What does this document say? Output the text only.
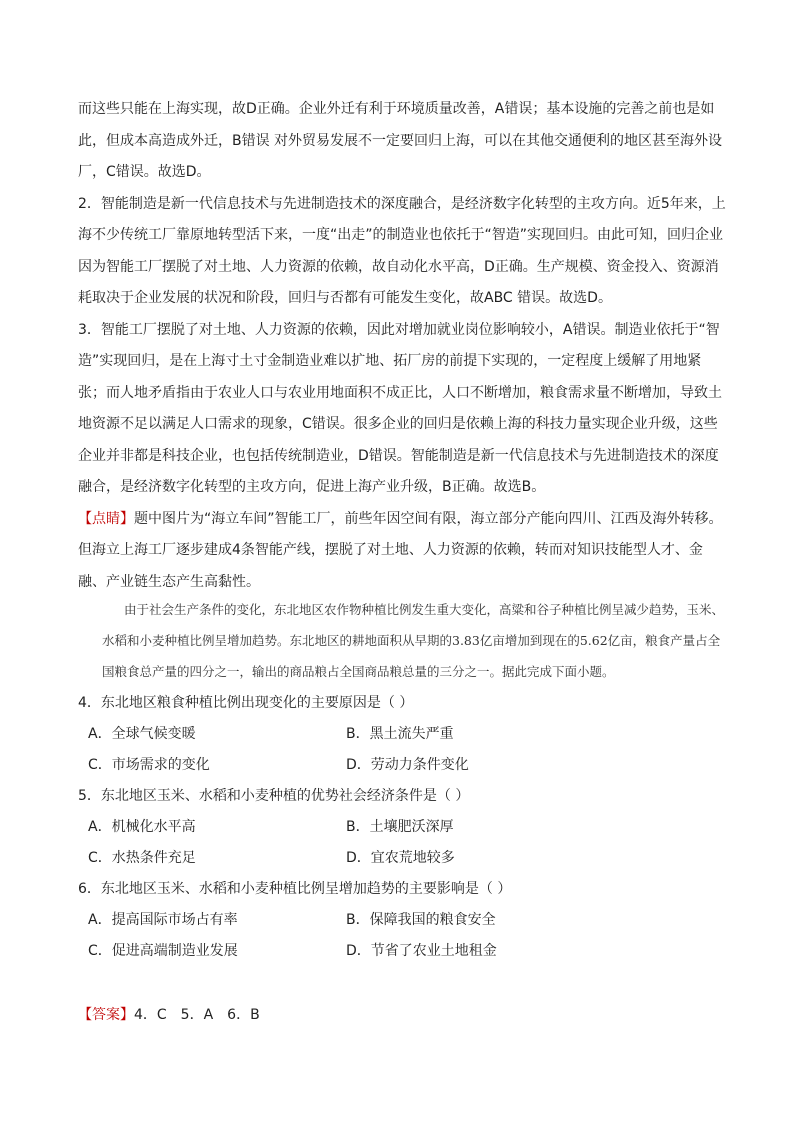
而这些只能在上海实现，故D正确。企业外迁有利于环境质量改善，A错误；基本设施的完善之前也是如此，但成本高造成外迁，B错误 对外贸易发展不一定要回归上海，可以在其他交通便利的地区甚至海外设厂，C错误。故选D。

2．智能制造是新一代信息技术与先进制造技术的深度融合，是经济数字化转型的主攻方向。近5年来，上海不少传统工厂靠原地转型活下来，一度“出走”的制造业也依托于“智造”实现回归。由此可知，回归企业因为智能工厂摆脱了对土地、人力资源的依赖，故自动化水平高，D正确。生产规模、资金投入、资源消耗取决于企业发展的状况和阶段，回归与否都有可能发生变化，故ABC 错误。故选D。

3．智能工厂摆脱了对土地、人力资源的依赖，因此对增加就业岗位影响较小，A错误。制造业依托于“智造”实现回归，是在上海寸土寸金制造业难以扩地、拓厂房的前提下实现的，一定程度上缓解了用地紧张；而人地矛盾指由于农业人口与农业用地面积不成正比，人口不断增加，粮食需求量不断增加，导致土地资源不足以满足人口需求的现象，C错误。很多企业的回归是依赖上海的科技力量实现企业升级，这些企业并非都是科技企业，也包括传统制造业，D错误。智能制造是新一代信息技术与先进制造技术的深度融合，是经济数字化转型的主攻方向，促进上海产业升级，B正确。故选B。

【点睛】题中图片为“海立车间”智能工厂，前些年因空间有限，海立部分产能向四川、江西及海外转移。但海立上海工厂逐步建成4条智能产线，摆脱了对土地、人力资源的依赖，转而对知识技能型人才、金融、产业链生态产生高黏性。

由于社会生产条件的变化，东北地区农作物种植比例发生重大变化，高粱和谷子种植比例呈减少趋势，玉米、水稻和小麦种植比例呈增加趋势。东北地区的耕地面积从早期的3.83亿亩增加到现在的5.62亿亩，粮食产量占全国粮食总产量的四分之一，输出的商品粮占全国商品粮总量的三分之一。据此完成下面小题。
4．东北地区粮食种植比例出现变化的主要原因是（ ）
A．全球气候变暖	B．黑土流失严重
C．市场需求的变化	D．劳动力条件变化
5．东北地区玉米、水稻和小麦种植的优势社会经济条件是（ ）
A．机械化水平高	B．土壤肥沃深厚
C．水热条件充足	D．宜农荒地较多
6．东北地区玉米、水稻和小麦种植比例呈增加趋势的主要影响是（ ）
A．提高国际市场占有率	B．保障我国的粮食安全
C．促进高端制造业发展	D．节省了农业土地租金
【答案】4．C　5．A　6．B
